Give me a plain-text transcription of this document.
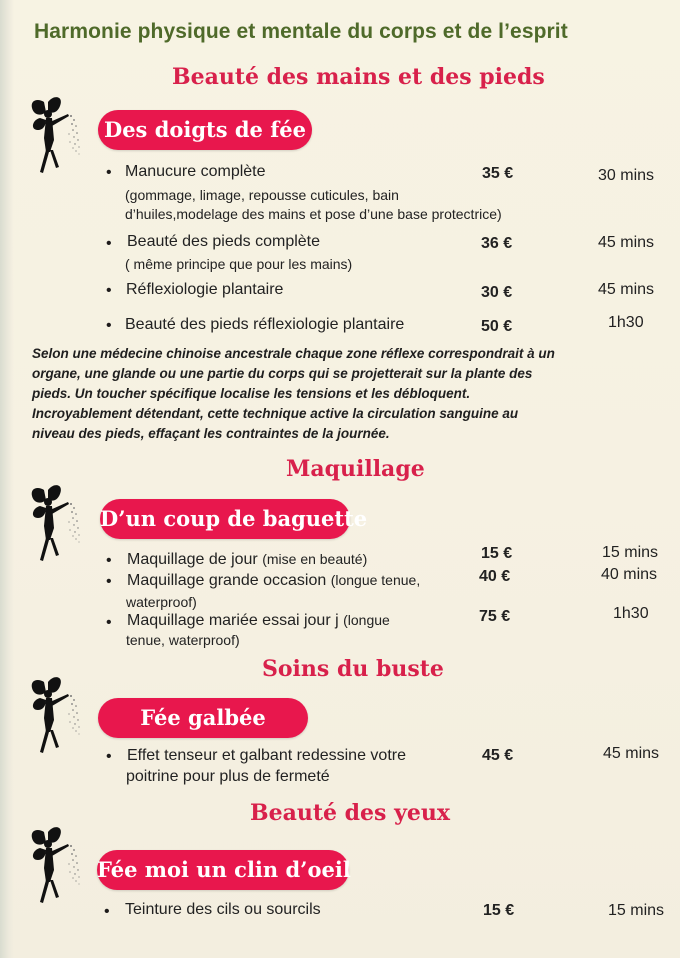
Harmonie physique et mentale du corps et de l’esprit
Beauté des mains et des pieds
Des doigts de fée
• Manucure complète
(gommage, limage, repousse cuticules, bain
d’huiles,modelage des mains et pose d’une base protectrice)
35 €	30 mins
• Beauté des pieds complète
( même principe que pour les mains)
36 €	45 mins
• Réflexiologie plantaire	30 €	45 mins
• Beauté des pieds réflexiologie plantaire	50 €	1h30
Selon une médecine chinoise ancestrale chaque zone réflexe correspondrait à un
organe, une glande ou une partie du corps qui se projetterait sur la plante des
pieds. Un toucher spécifique localise les tensions et les débloquent.
Incroyablement détendant, cette technique active la circulation sanguine au
niveau des pieds, effaçant les contraintes de la journée.
Maquillage
D’un coup de baguette
• Maquillage de jour (mise en beauté)	15 €	15 mins
• Maquillage grande occasion (longue tenue,
waterproof)
40 €	40 mins
• Maquillage mariée essai jour j (longue
tenue, waterproof)
75 €	1h30
Soins du buste
Fée galbée
• Effet tenseur et galbant redessine votre
poitrine pour plus de fermeté
45 €	45 mins
Beauté des yeux
Fée moi un clin d’oeil
• Teinture des cils ou sourcils	15 €	15 mins
